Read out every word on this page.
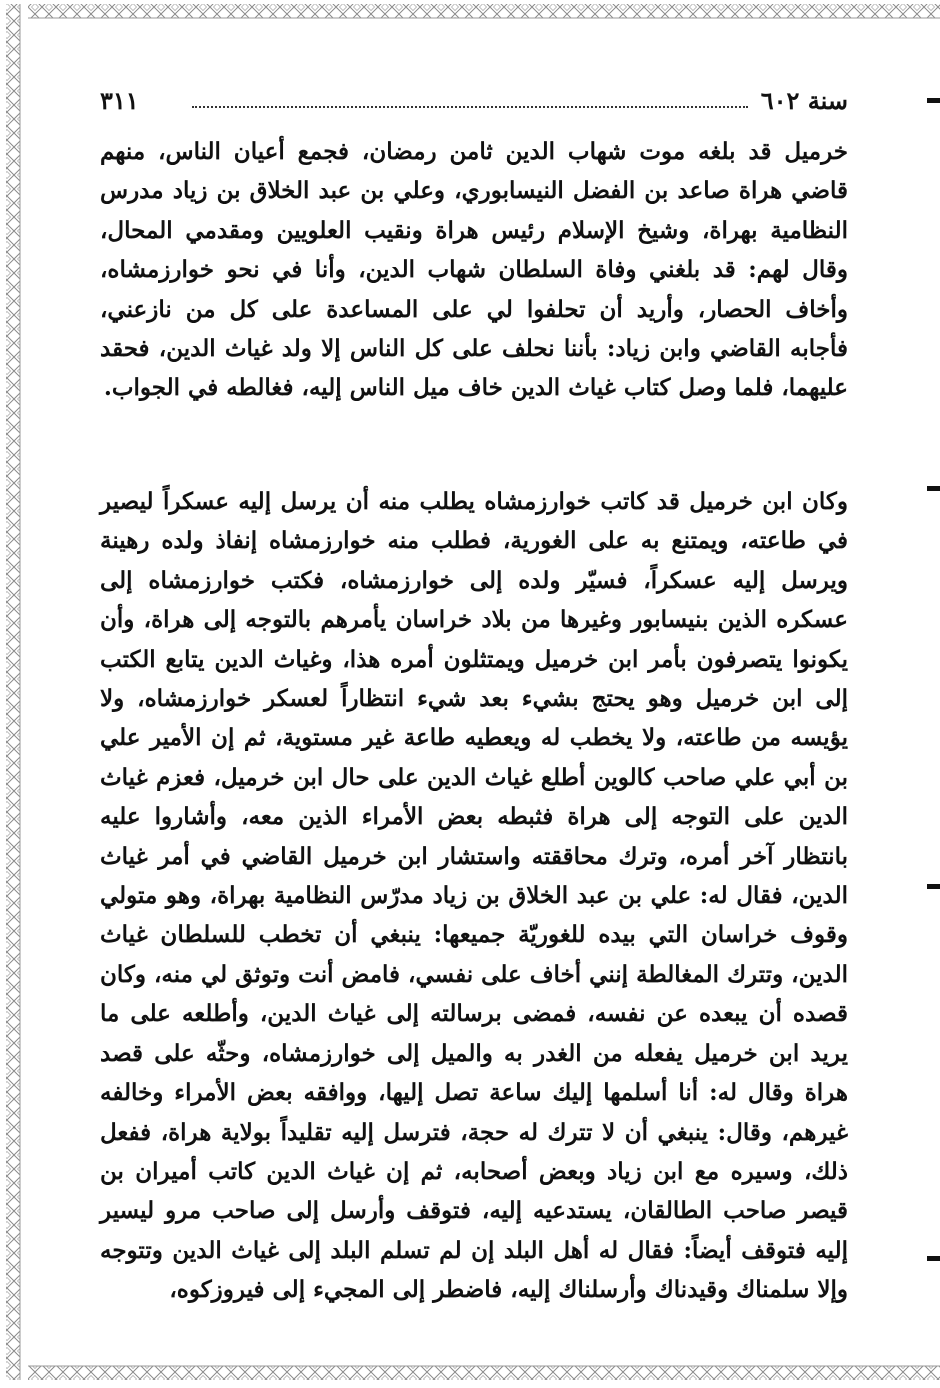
سنة ٦٠٢
٣١١
خرميل قد بلغه موت شهاب الدين ثامن رمضان، فجمع أعيان الناس، منهم قاضي هراة صاعد بن الفضل النيسابوري، وعلي بن عبد الخلاق بن زياد مدرس النظامية بهراة، وشيخ الإسلام رئيس هراة ونقيب العلويين ومقدمي المحال، وقال لهم: قد بلغني وفاة السلطان شهاب الدين، وأنا في نحو خوارزمشاه، وأخاف الحصار، وأريد أن تحلفوا لي على المساعدة على كل من نازعني، فأجابه القاضي وابن زياد: بأننا نحلف على كل الناس إلا ولد غياث الدين، فحقد عليهما، فلما وصل كتاب غياث الدين خاف ميل الناس إليه، فغالطه في الجواب.
وكان ابن خرميل قد كاتب خوارزمشاه يطلب منه أن يرسل إليه عسكراً ليصير في طاعته، ويمتنع به على الغورية، فطلب منه خوارزمشاه إنفاذ ولده رهينة ويرسل إليه عسكراً، فسيّر ولده إلى خوارزمشاه، فكتب خوارزمشاه إلى عسكره الذين بنيسابور وغيرها من بلاد خراسان يأمرهم بالتوجه إلى هراة، وأن يكونوا يتصرفون بأمر ابن خرميل ويمتثلون أمره هذا، وغياث الدين يتابع الكتب إلى ابن خرميل وهو يحتج بشيء بعد شيء انتظاراً لعسكر خوارزمشاه، ولا يؤيسه من طاعته، ولا يخطب له ويعطيه طاعة غير مستوية، ثم إن الأمير علي بن أبي علي صاحب كالوين أطلع غياث الدين على حال ابن خرميل، فعزم غياث الدين على التوجه إلى هراة فثبطه بعض الأمراء الذين معه، وأشاروا عليه بانتظار آخر أمره، وترك محاققته واستشار ابن خرميل القاضي في أمر غياث الدين، فقال له: علي بن عبد الخلاق بن زياد مدرّس النظامية بهراة، وهو متولي وقوف خراسان التي بيده للغوريّة جميعها: ينبغي أن تخطب للسلطان غياث الدين، وتترك المغالطة إنني أخاف على نفسي، فامض أنت وتوثق لي منه، وكان قصده أن يبعده عن نفسه، فمضى برسالته إلى غياث الدين، وأطلعه على ما يريد ابن خرميل يفعله من الغدر به والميل إلى خوارزمشاه، وحثّه على قصد هراة وقال له: أنا أسلمها إليك ساعة تصل إليها، ووافقه بعض الأمراء وخالفه غيرهم، وقال: ينبغي أن لا تترك له حجة، فترسل إليه تقليداً بولاية هراة، ففعل ذلك، وسيره مع ابن زياد وبعض أصحابه، ثم إن غياث الدين كاتب أميران بن قيصر صاحب الطالقان، يستدعيه إليه، فتوقف وأرسل إلى صاحب مرو ليسير إليه فتوقف أيضاً: فقال له أهل البلد إن لم تسلم البلد إلى غياث الدين وتتوجه وإلا سلمناك وقيدناك وأرسلناك إليه، فاضطر إلى المجيء إلى فيروزكوه،
